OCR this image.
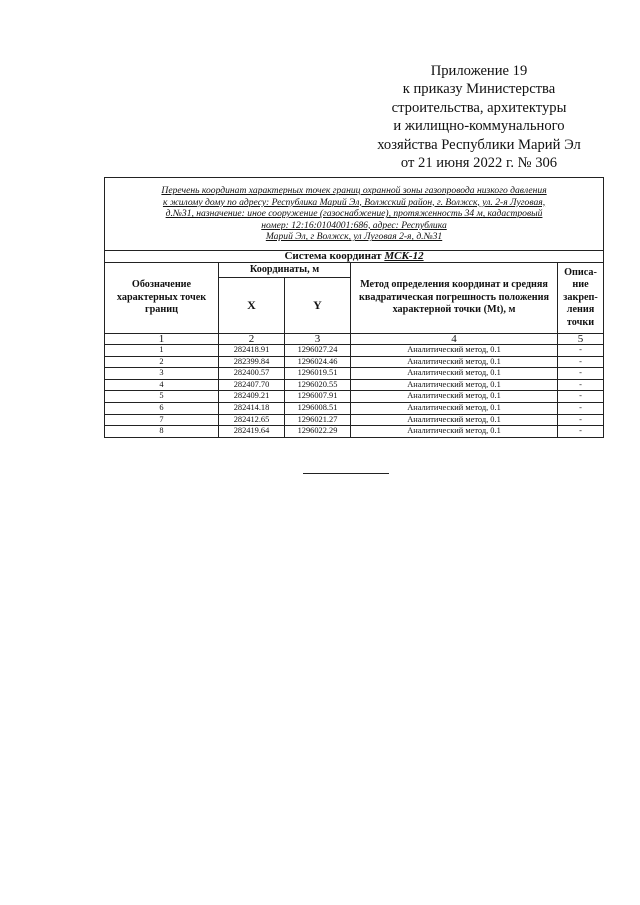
Приложение 19
к приказу Министерства
строительства, архитектуры
и жилищно-коммунального
хозяйства Республики Марий Эл
от 21 июня 2022 г. № 306
Перечень координат характерных точек границ охранной зоны газопровода низкого давления
к жилому дому по адресу: Республика Марий Эл, Волжский район, г. Волжск, ул. 2-я Луговая,
д.№31, назначение: иное сооружение (газоснабжение), протяженность 34 м, кадастровый
номер: 12:16:0104001:686, адрес: Республика
Марий Эл, г Волжск, ул Луговая 2-я, д.№31				

Система координат МСК-12				
Обозначение характерных точек границ	Координаты, м		Метод определения координат и средняя квадратическая погрешность положения характерной точки (Mt), м	Описа-ние закреп-ления точки
	X	Y		
1	2	3	4	5
1	282418.91	1296027.24	Аналитический метод, 0.1	-
2	282399.84	1296024.46	Аналитический метод, 0.1	-
3	282400.57	1296019.51	Аналитический метод, 0.1	-
4	282407.70	1296020.55	Аналитический метод, 0.1	-
5	282409.21	1296007.91	Аналитический метод, 0.1	-
6	282414.18	1296008.51	Аналитический метод, 0.1	-
7	282412.65	1296021.27	Аналитический метод, 0.1	-
8	282419.64	1296022.29	Аналитический метод, 0.1	-
